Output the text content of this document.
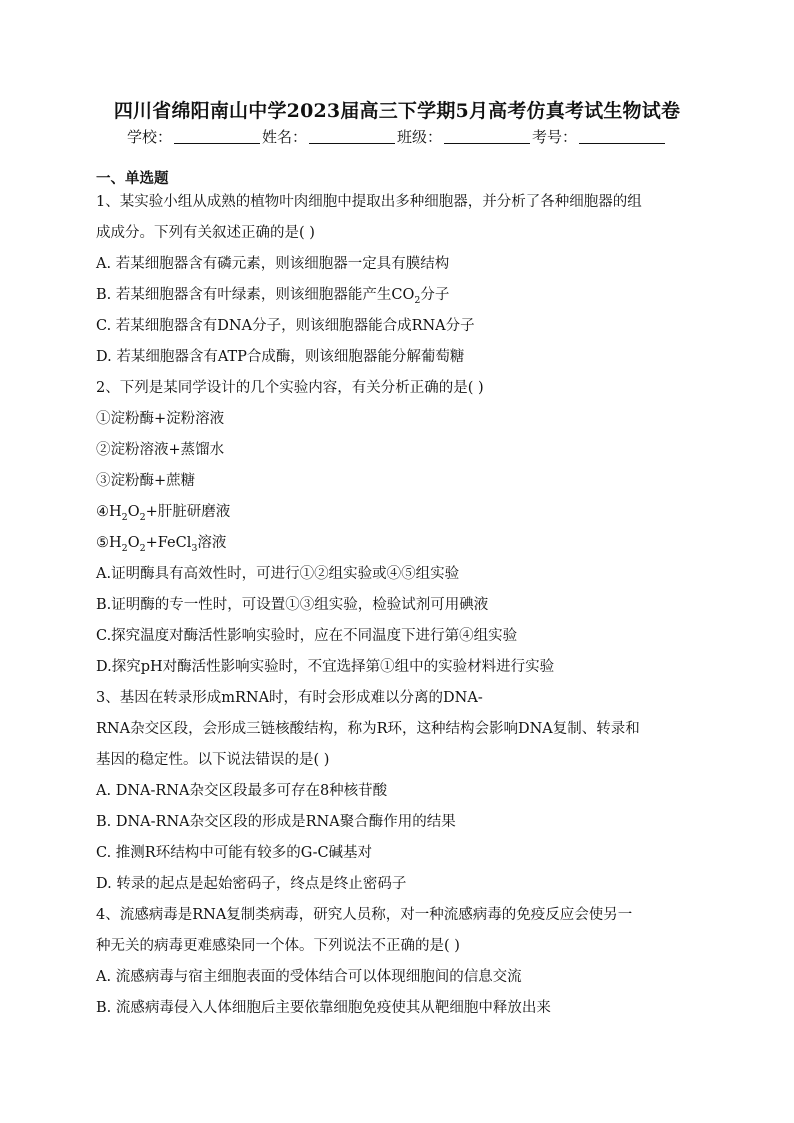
四川省绵阳南山中学2023届高三下学期5月高考仿真考试生物试卷
学校：	姓名：	班级：	考号：
一、单选题
1、某实验小组从成熟的植物叶肉细胞中提取出多种细胞器，并分析了各种细胞器的组
成成分。下列有关叙述正确的是( )
A. 若某细胞器含有磷元素，则该细胞器一定具有膜结构
B. 若某细胞器含有叶绿素，则该细胞器能产生$CO_2$分子
C. 若某细胞器含有DNA分子，则该细胞器能合成RNA分子
D. 若某细胞器含有ATP合成酶，则该细胞器能分解葡萄糖
2、下列是某同学设计的几个实验内容，有关分析正确的是( )
①淀粉酶+淀粉溶液
②淀粉溶液+蒸馏水
③淀粉酶+蔗糖
$④H_2O_2+$肝脏研磨液
$⑤H_2O_2+FeCl_3$溶液
A.证明酶具有高效性时，可进行①②组实验或④⑤组实验
B.证明酶的专一性时，可设置①③组实验，检验试剂可用碘液
C.探究温度对酶活性影响实验时，应在不同温度下进行第④组实验
D.探究pH对酶活性影响实验时，不宜选择第①组中的实验材料进行实验
3、基因在转录形成mRNA时，有时会形成难以分离的DNA-
RNA杂交区段，会形成三链核酸结构，称为R环，这种结构会影响DNA复制、转录和
基因的稳定性。以下说法错误的是( )
A. DNA-RNA杂交区段最多可存在8种核苷酸
B. DNA-RNA杂交区段的形成是RNA聚合酶作用的结果
C. 推测R环结构中可能有较多的G-C碱基对
D. 转录的起点是起始密码子，终点是终止密码子
4、流感病毒是RNA复制类病毒，研究人员称，对一种流感病毒的免疫反应会使另一
种无关的病毒更难感染同一个体。下列说法不正确的是( )
A. 流感病毒与宿主细胞表面的受体结合可以体现细胞间的信息交流
B. 流感病毒侵入人体细胞后主要依靠细胞免疫使其从靶细胞中释放出来
